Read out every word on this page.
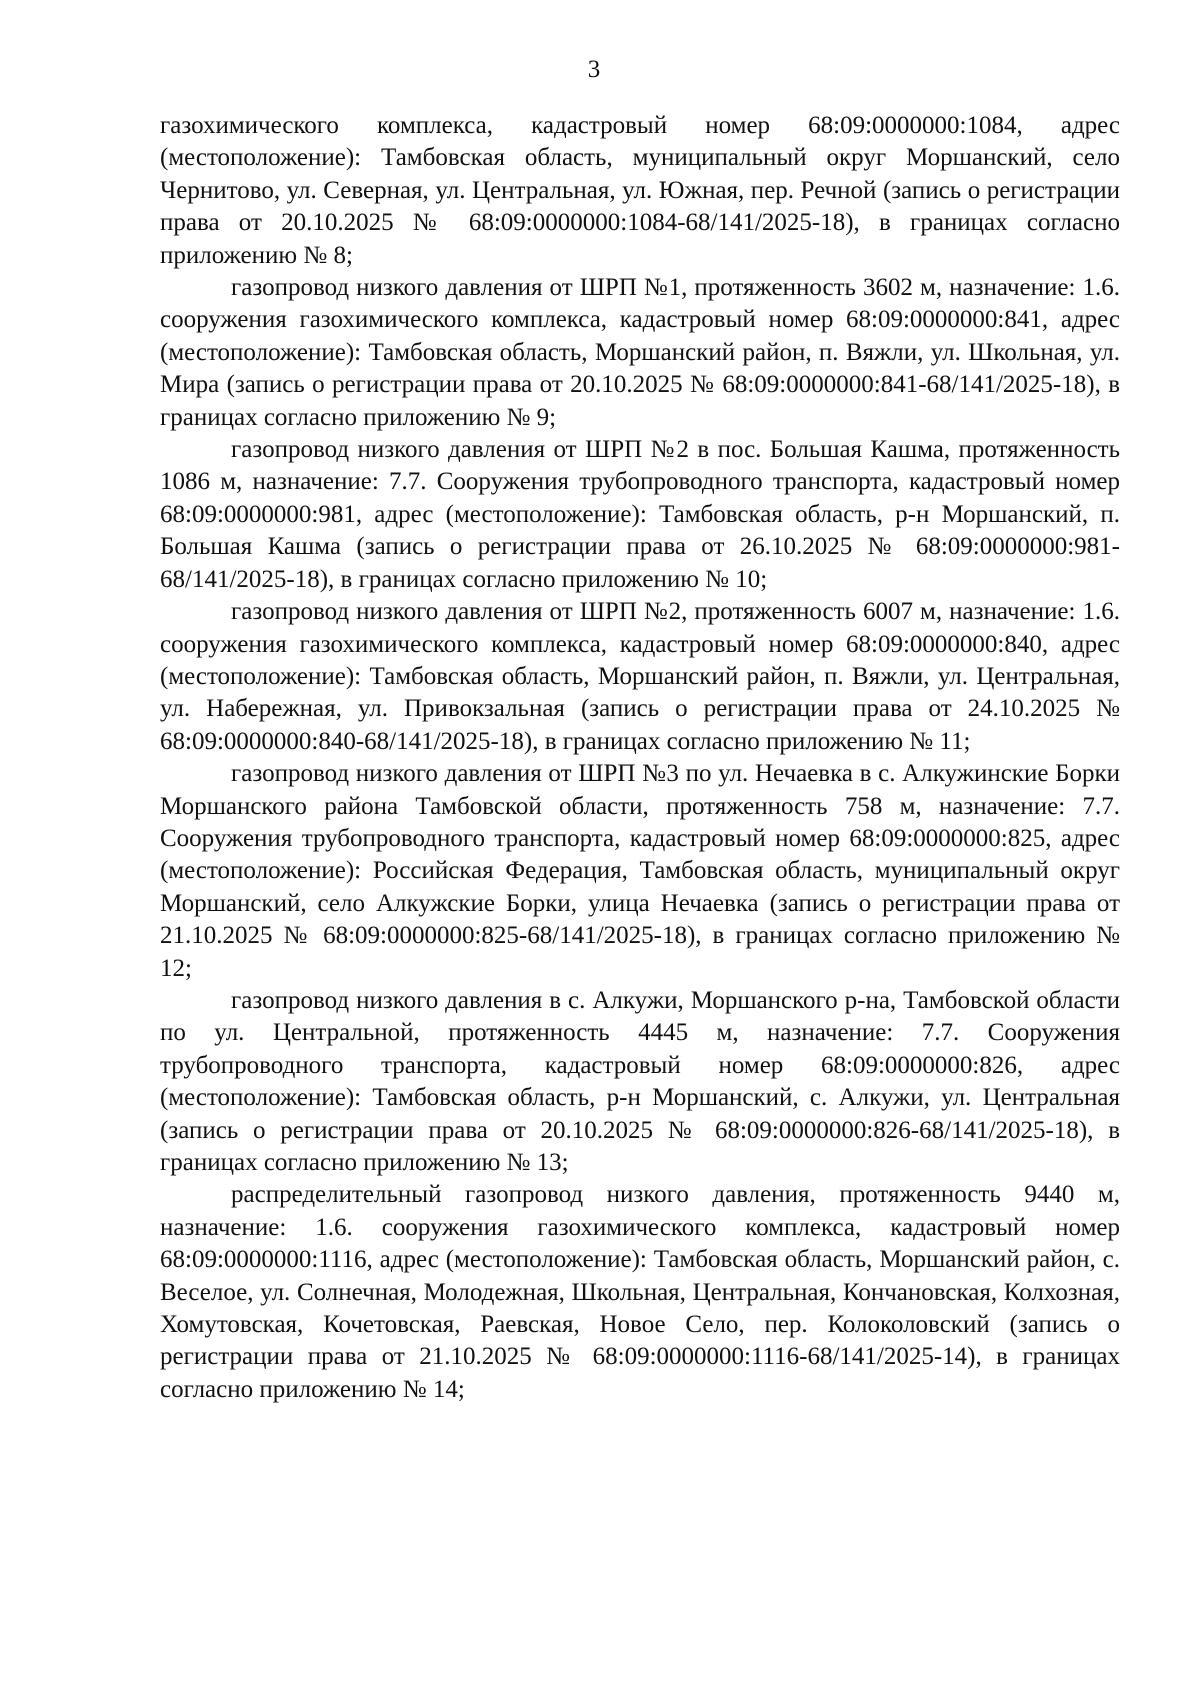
3

газохимического комплекса, кадастровый номер 68:09:0000000:1084, адрес (местоположение): Тамбовская область, муниципальный округ Моршанский, село Чернитово, ул. Северная, ул. Центральная, ул. Южная, пер. Речной (запись о регистрации права от 20.10.2025 № 68:09:0000000:1084-68/141/2025-18), в границах согласно приложению № 8;

газопровод низкого давления от ШРП №1, протяженность 3602 м, назначение: 1.6. сооружения газохимического комплекса, кадастровый номер 68:09:0000000:841, адрес (местоположение): Тамбовская область, Моршанский район, п. Вяжли, ул. Школьная, ул. Мира (запись о регистрации права от 20.10.2025 № 68:09:0000000:841-68/141/2025-18), в границах согласно приложению № 9;

газопровод низкого давления от ШРП №2 в пос. Большая Кашма, протяженность 1086 м, назначение: 7.7. Сооружения трубопроводного транспорта, кадастровый номер 68:09:0000000:981, адрес (местоположение): Тамбовская область, р-н Моршанский, п. Большая Кашма (запись о регистрации права от 26.10.2025 № 68:09:0000000:981-68/141/2025-18), в границах согласно приложению № 10;

газопровод низкого давления от ШРП №2, протяженность 6007 м, назначение: 1.6. сооружения газохимического комплекса, кадастровый номер 68:09:0000000:840, адрес (местоположение): Тамбовская область, Моршанский район, п. Вяжли, ул. Центральная, ул. Набережная, ул. Привокзальная (запись о регистрации права от 24.10.2025 № 68:09:0000000:840-68/141/2025-18), в границах согласно приложению № 11;

газопровод низкого давления от ШРП №3 по ул. Нечаевка в с. Алкужинские Борки Моршанского района Тамбовской области, протяженность 758 м, назначение: 7.7. Сооружения трубопроводного транспорта, кадастровый номер 68:09:0000000:825, адрес (местоположение): Российская Федерация, Тамбовская область, муниципальный округ Моршанский, село Алкужские Борки, улица Нечаевка (запись о регистрации права от 21.10.2025 № 68:09:0000000:825-68/141/2025-18), в границах согласно приложению № 12;

газопровод низкого давления в с. Алкужи, Моршанского р-на, Тамбовской области по ул. Центральной, протяженность 4445 м, назначение: 7.7. Сооружения трубопроводного транспорта, кадастровый номер 68:09:0000000:826, адрес (местоположение): Тамбовская область, р-н Моршанский, с. Алкужи, ул. Центральная (запись о регистрации права от 20.10.2025 № 68:09:0000000:826-68/141/2025-18), в границах согласно приложению № 13;

распределительный газопровод низкого давления, протяженность 9440 м, назначение: 1.6. сооружения газохимического комплекса, кадастровый номер 68:09:0000000:1116, адрес (местоположение): Тамбовская область, Моршанский район, с. Веселое, ул. Солнечная, Молодежная, Школьная, Центральная, Кончановская, Колхозная, Хомутовская, Кочетовская, Раевская, Новое Село, пер. Колоколовский (запись о регистрации права от 21.10.2025 № 68:09:0000000:1116-68/141/2025-14), в границах согласно приложению № 14;
